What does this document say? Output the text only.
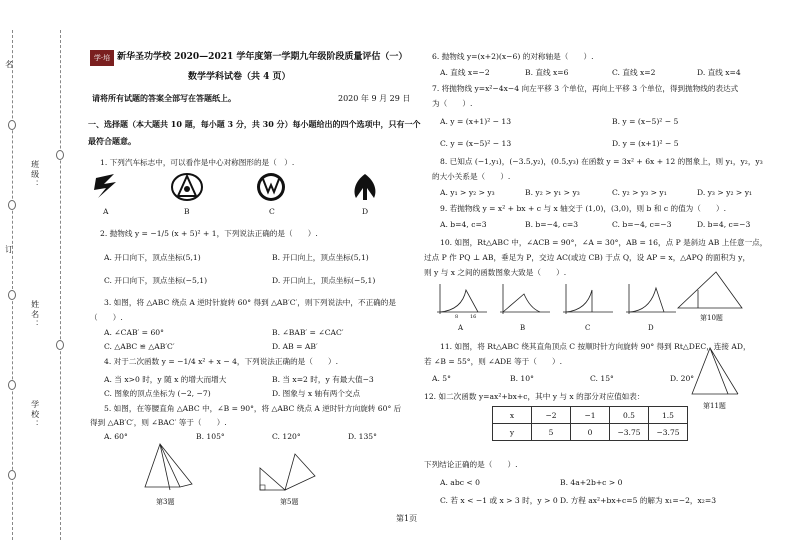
名
订
班级：
姓名：
学校：
学·培 新华圣功学校 2020—2021 学年度第一学期九年级阶段质量评估（一）
数学学科试卷（共 4 页）
请将所有试题的答案全部写在答题纸上。	2020 年 9 月 29 日
一、选择题（本大题共 10 题，每小题 3 分，共 30 分）每小题给出的四个选项中，只有一个
最符合题意。
1. 下列汽车标志中，可以看作是中心对称图形的是（　）.
A	B	C	D
2. 抛物线 y = −1/5 (x + 5)² + 1，下列说法正确的是（　　）.
A. 开口向下，顶点坐标(5,1)	B. 开口向上，顶点坐标(5,1)
C. 开口向下，顶点坐标(−5,1)	D. 开口向上，顶点坐标(−5,1)
3. 如图，将 △ABC 绕点 A 逆时针旋转 60° 得到 △AB′C′，则下列说法中，不正确的是
（　　）.
A. ∠CAB′ = 60°	B. ∠BAB′ = ∠CAC′
C. △ABC ≌ △AB′C′	D. AB = AB′
4. 对于二次函数 y = −1/4 x² + x − 4，下列说法正确的是（　　）.
A. 当 x>0 时，y 随 x 的增大而增大	B. 当 x=2 时，y 有最大值−3
C. 图象的顶点坐标为 (−2, −7)	D. 图象与 x 轴有两个交点
5. 如图，在等腰直角 △ABC 中，∠B = 90°，将 △ABC 绕点 A 逆时针方向旋转 60° 后
得到 △AB′C′，则 ∠BAC′ 等于（　　）.
A. 60°	B. 105°	C. 120°	D. 135°
第3题	第5题
6. 抛物线 y=(x+2)(x−6) 的对称轴是（　　）.
A. 直线 x=−2	B. 直线 x=6	C. 直线 x=2	D. 直线 x=4
7. 将抛物线 y=x²−4x−4 向左平移 3 个单位，再向上平移 3 个单位，得到抛物线的表达式
为（　　）.
A. y = (x+1)² − 13	B. y = (x−5)² − 5
C. y = (x−5)² − 13	D. y = (x+1)² − 5
8. 已知点 (−1,y₁)，(−3.5,y₂)，(0.5,y₃) 在函数 y = 3x² + 6x + 12 的图象上，则 y₁，y₂，y₃
的大小关系是（　　）.
A. y₁ > y₂ > y₃	B. y₂ > y₁ > y₃	C. y₂ > y₃ > y₁	D. y₃ > y₂ > y₁
9. 若抛物线 y = x² + bx + c 与 x 轴交于 (1,0)，(3,0)，则 b 和 c 的值为（　　）.
A. b=4, c=3	B. b=−4, c=3	C. b=−4, c=−3	D. b=4, c=−3
10. 如图，Rt△ABC 中，∠ACB = 90°，∠A = 30°，AB = 16，点 P 是斜边 AB 上任意一点，
过点 P 作 PQ ⊥ AB，垂足为 P，交边 AC(或边 CB) 于点 Q，设 AP = x，△APQ 的面积为 y，
则 y 与 x 之间的函数图象大致是（　　）.
8 16
A	B	C	D
第10题
11. 如图，将 Rt△ABC 绕其直角顶点 C 按顺时针方向旋转 90° 得到 Rt△DEC，连接 AD，
若 ∠B = 55°，则 ∠ADE 等于（　　）.
A. 5°	B. 10°	C. 15°	D. 20°
第11题
12. 如二次函数 y=ax²+bx+c，其中 y 与 x 的部分对应值如表：
x	−2	−1	0.5	1.5
y	5	0	−3.75	−3.75
下列结论正确的是（　　）.
A. abc < 0	B. 4a+2b+c > 0
C. 若 x < −1 或 x > 3 时，y > 0 D. 方程 ax²+bx+c=5 的解为 x₁=−2，x₂=3
第1页
